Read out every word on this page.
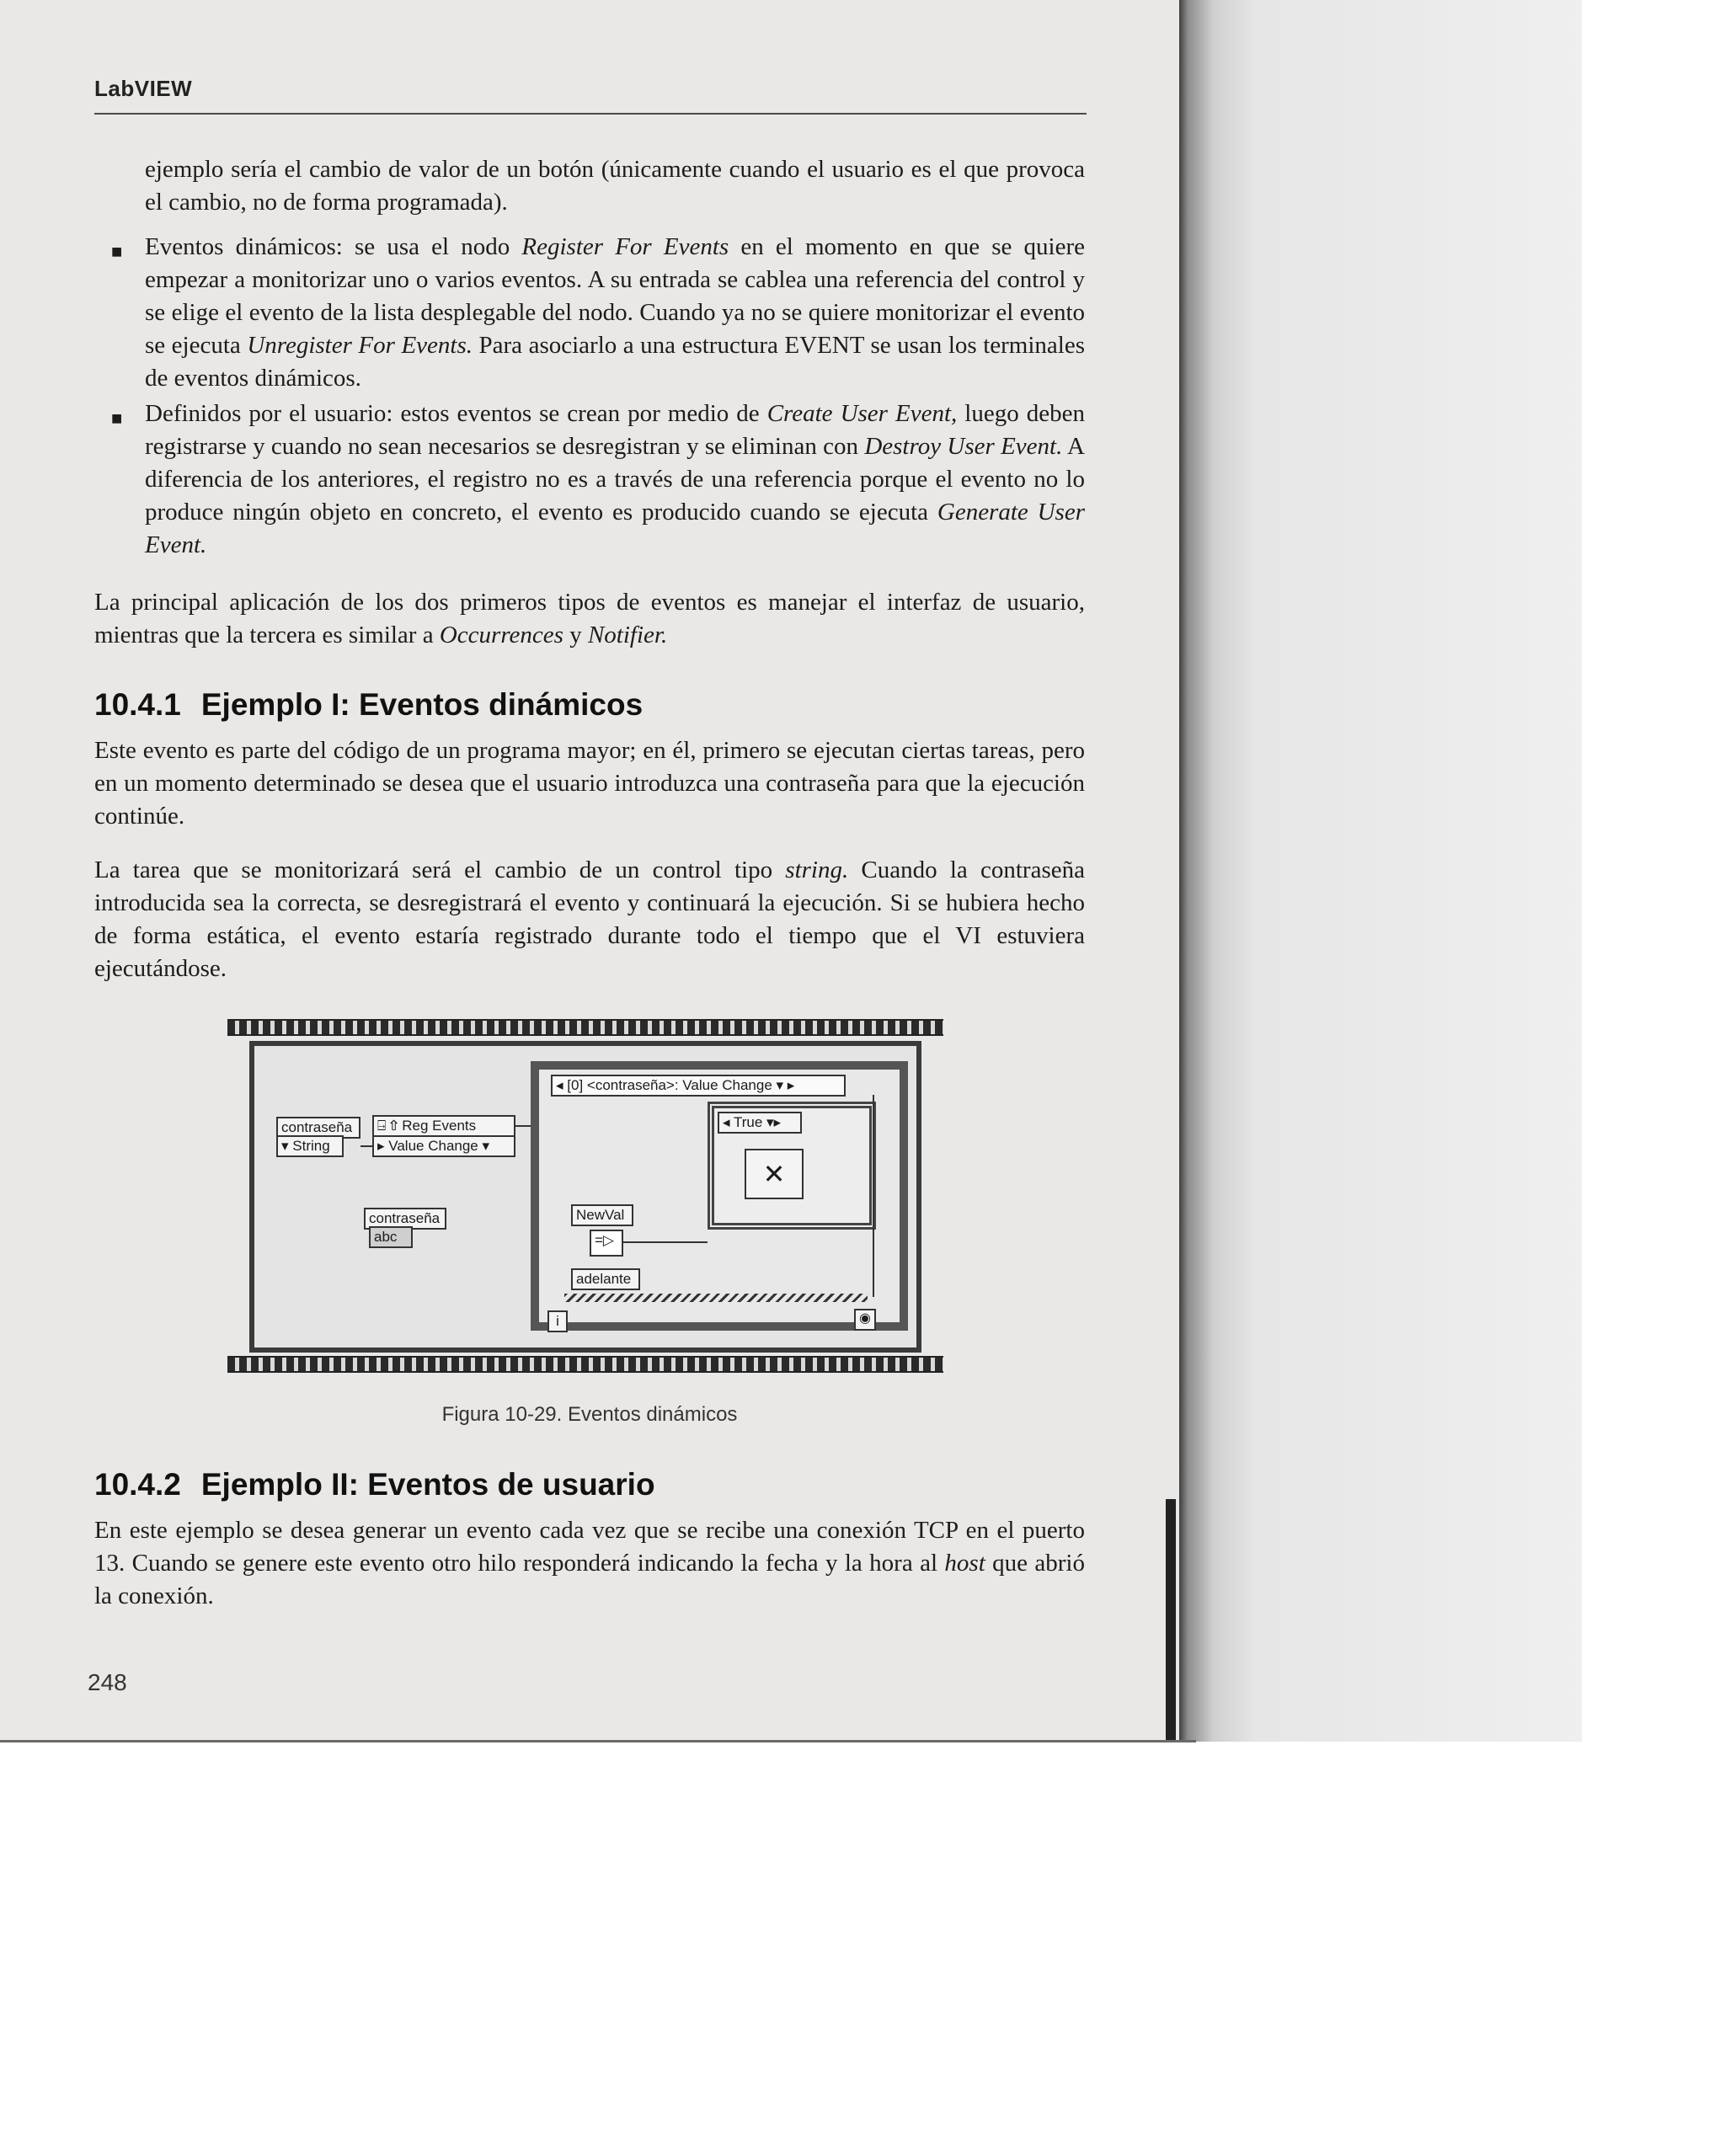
LabVIEW
ejemplo sería el cambio de valor de un botón (únicamente cuando el usuario es el que provoca el cambio, no de forma programada).
■ Eventos dinámicos: se usa el nodo Register For Events en el momento en que se quiere empezar a monitorizar uno o varios eventos. A su entrada se cablea una referencia del control y se elige el evento de la lista desplegable del nodo. Cuando ya no se quiere monitorizar el evento se ejecuta Unregister For Events. Para asociarlo a una estructura EVENT se usan los terminales de eventos dinámicos.
■ Definidos por el usuario: estos eventos se crean por medio de Create User Event, luego deben registrarse y cuando no sean necesarios se desregistran y se eliminan con Destroy User Event. A diferencia de los anteriores, el registro no es a través de una referencia porque el evento no lo produce ningún objeto en concreto, el evento es producido cuando se ejecuta Generate User Event.
La principal aplicación de los dos primeros tipos de eventos es manejar el interfaz de usuario, mientras que la tercera es similar a Occurrences y Notifier.
10.4.1 Ejemplo I: Eventos dinámicos
Este evento es parte del código de un programa mayor; en él, primero se ejecutan ciertas tareas, pero en un momento determinado se desea que el usuario introduzca una contraseña para que la ejecución continúe.
La tarea que se monitorizará será el cambio de un control tipo string. Cuando la contraseña introducida sea la correcta, se desregistrará el evento y continuará la ejecución. Si se hubiera hecho de forma estática, el evento estaría registrado durante todo el tiempo que el VI estuviera ejecutándose.
contraseña
▾ String
⍈ ⇧ Reg Events
▸ Value Change ▾
contraseña
abc
◂ [0] <contraseña>: Value Change ▾ ▸
NewVal
=▷
adelante
◂ True ▾▸
✕
i	◉
Figura 10-29. Eventos dinámicos
10.4.2 Ejemplo II: Eventos de usuario
En este ejemplo se desea generar un evento cada vez que se recibe una conexión TCP en el puerto 13. Cuando se genere este evento otro hilo responderá indicando la fecha y la hora al host que abrió la conexión.
248
